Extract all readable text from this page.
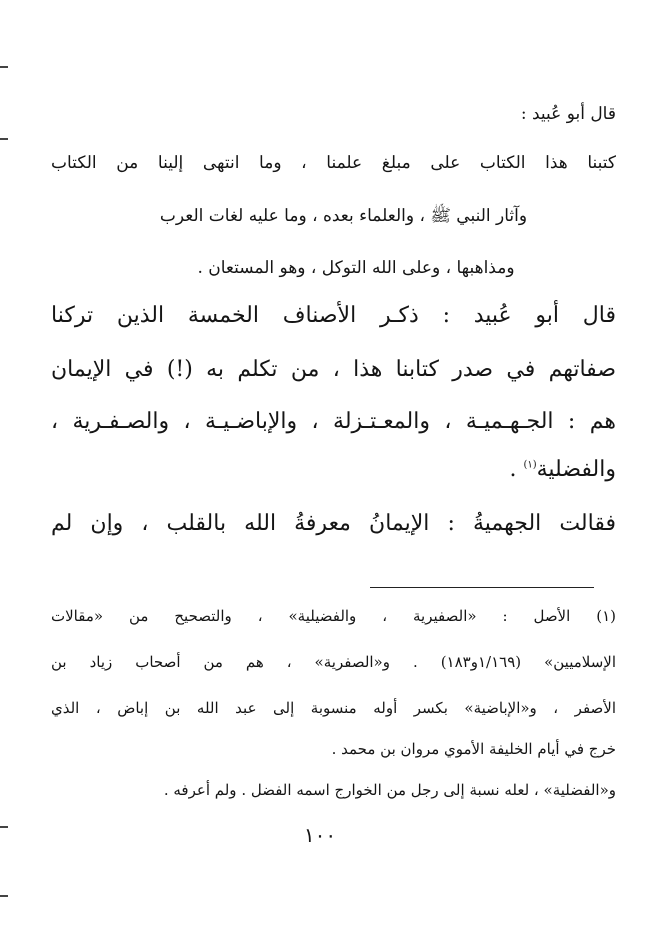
قال أبو عُبيد :

كتبنا هذا الكتاب على مبلغ علمنا ، وما انتهى إلينا من الكتاب

وآثار النبي ﷺ ، والعلماء بعده ، وما عليه لغات العرب

ومذاهبها ، وعلى الله التوكل ، وهو المستعان .

قال أبو عُبيد : ذكـر الأصناف الخمسة الذين تركنا

صفاتهم في صدر كتابنا هذا ، من تكلم به (!) في الإيمان

هم : الجـهـميـة ، والمعـتـزلة ، والإباضـيـة ، والصـفـرية ،

والفضلية$^{(١)}$ .

فقالت الجهميةُ : الإيمانُ معرفةُ الله بالقلب ، وإن لم

(١) الأصل : «الصفيرية ، والفضيلية» ، والتصحيح من «مقالات

الإسلاميين» (١/١٦٩و١٨٣) . و«الصفرية» ، هم من أصحاب زياد بن

الأصفر ، و«الإباضية» بكسر أوله منسوبة إلى عبد الله بن إباض ، الذي

خرج في أيام الخليفة الأموي مروان بن محمد .

و«الفضلية» ، لعله نسبة إلى رجل من الخوارج اسمه الفضل . ولم أعرفه .

١٠٠
